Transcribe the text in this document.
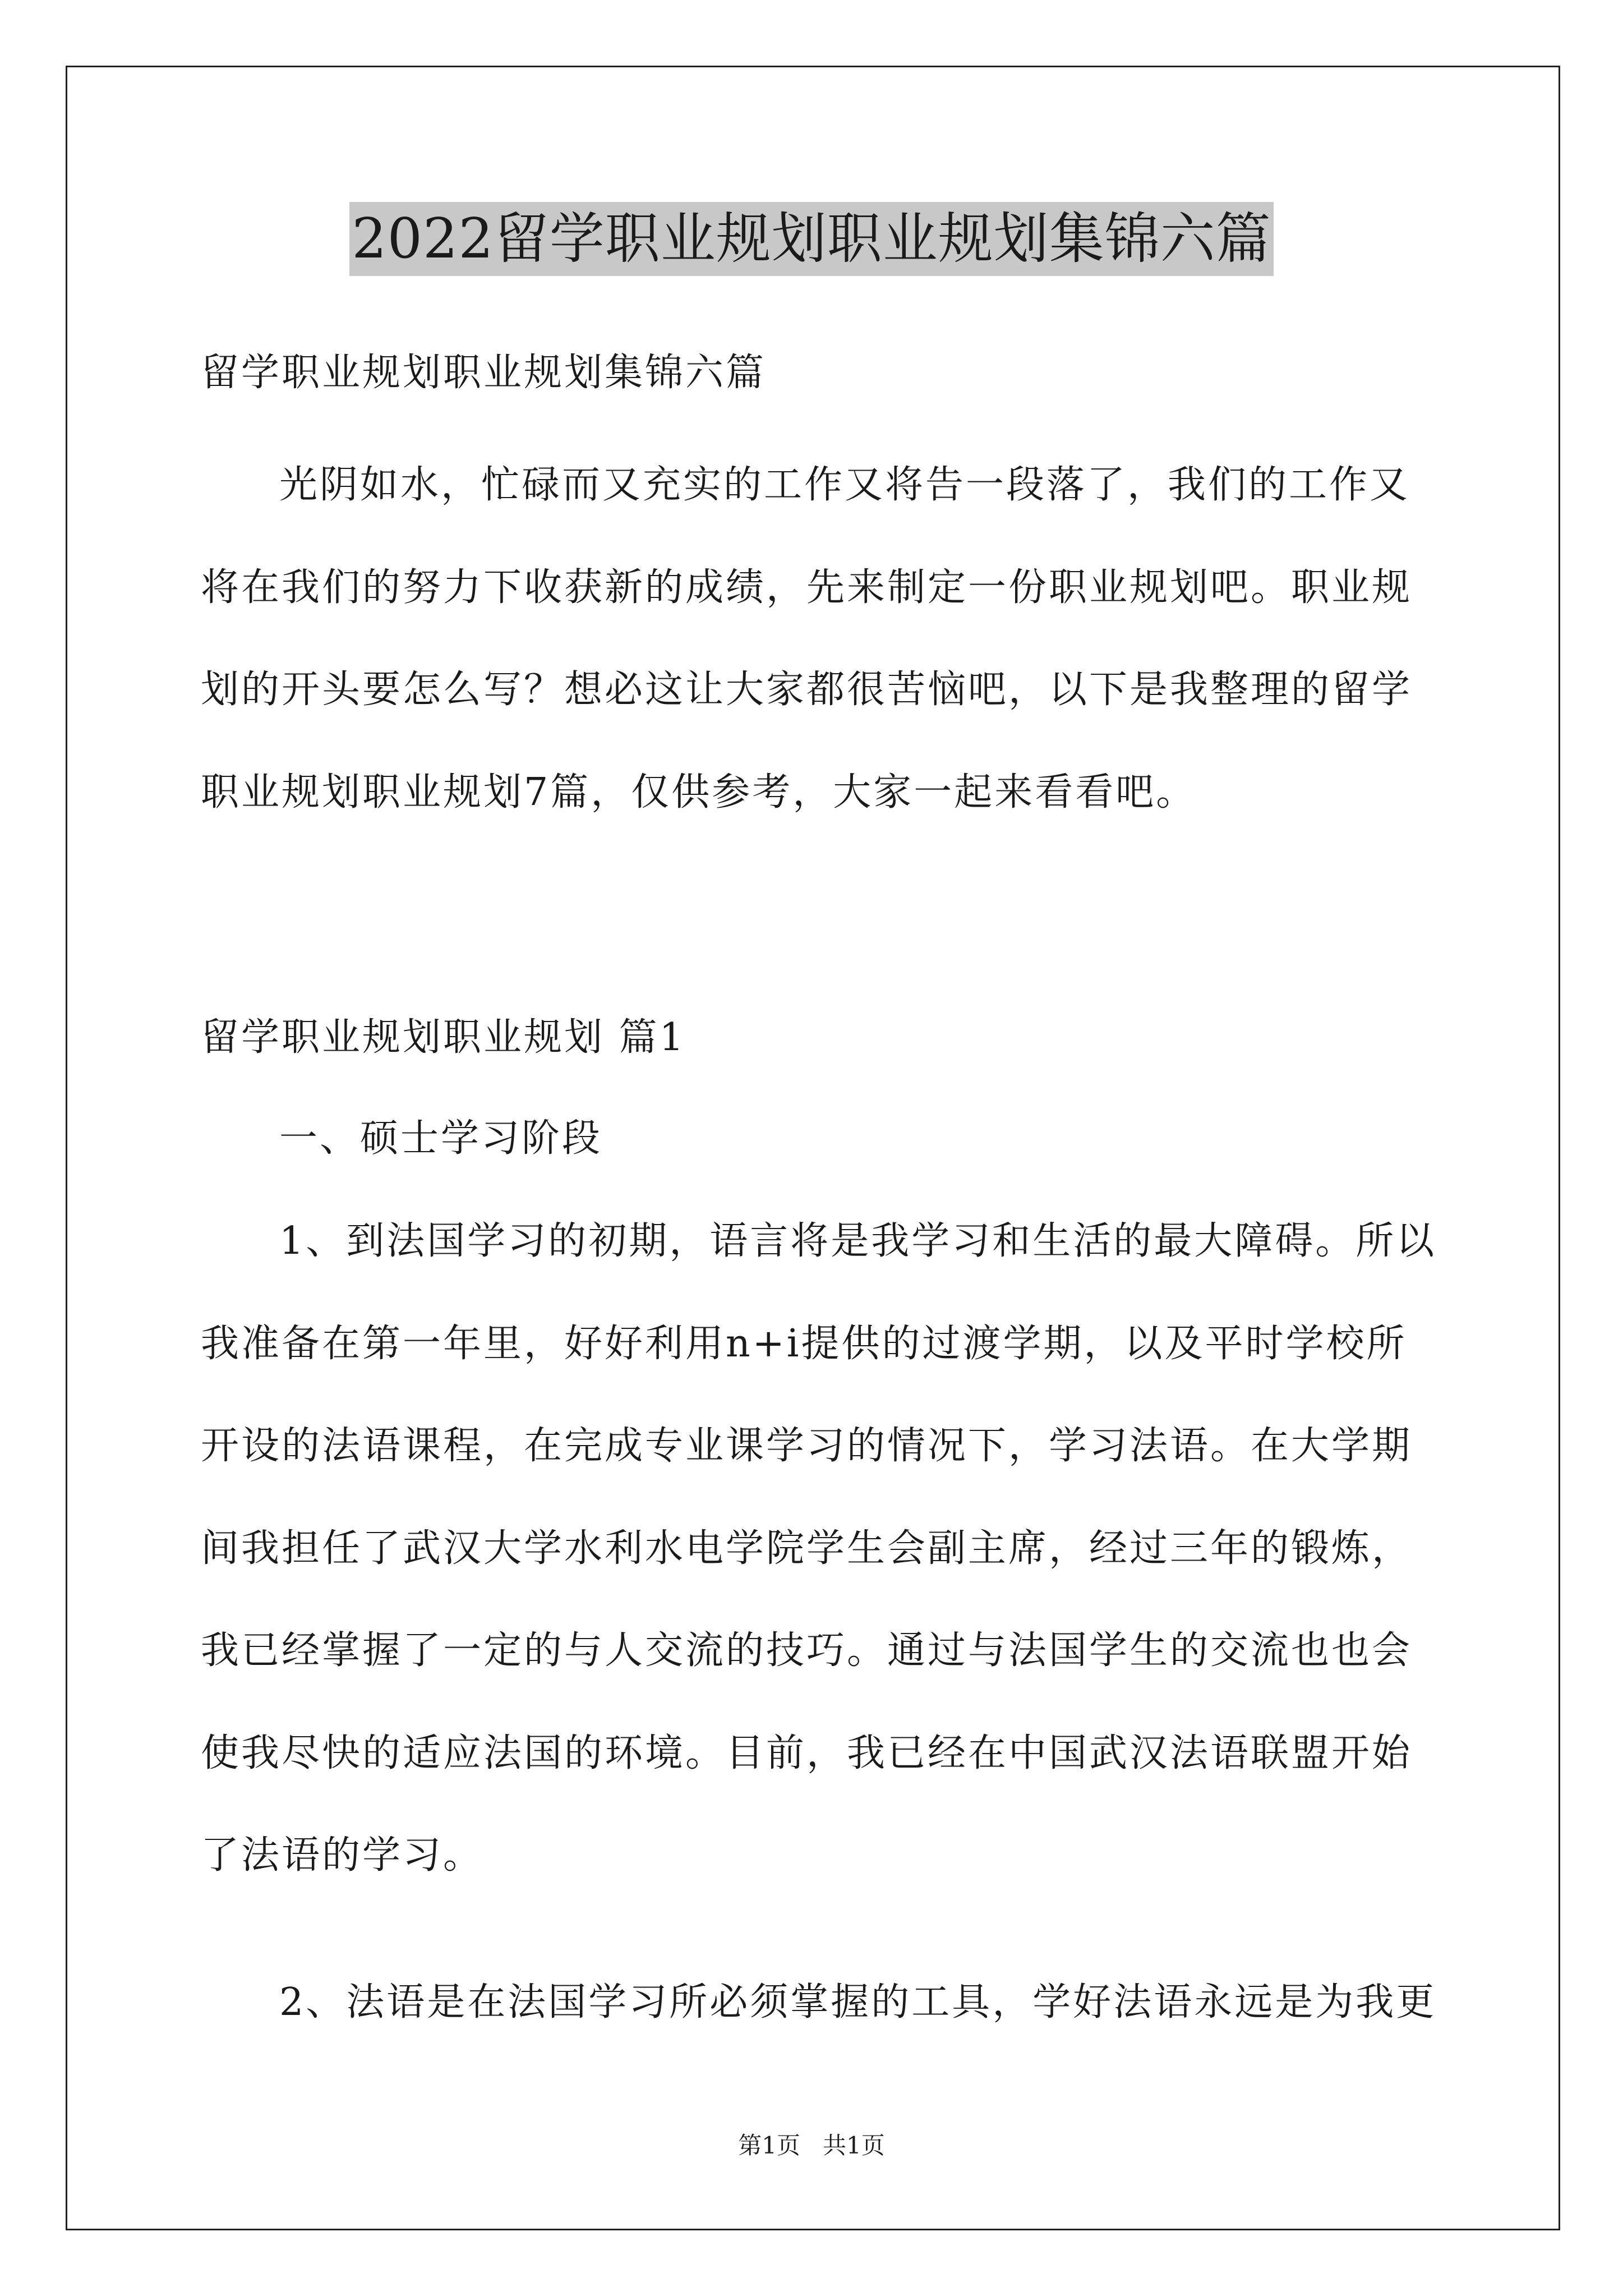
2022留学职业规划职业规划集锦六篇
留学职业规划职业规划集锦六篇
光阴如水，忙碌而又充实的工作又将告一段落了，我们的工作又
将在我们的努力下收获新的成绩，先来制定一份职业规划吧。职业规
划的开头要怎么写？想必这让大家都很苦恼吧，以下是我整理的留学
职业规划职业规划7篇，仅供参考，大家一起来看看吧。
留学职业规划职业规划 篇1
一、硕士学习阶段
1、到法国学习的初期，语言将是我学习和生活的最大障碍。所以
我准备在第一年里，好好利用n+i提供的过渡学期，以及平时学校所
开设的法语课程，在完成专业课学习的情况下，学习法语。在大学期
间我担任了武汉大学水利水电学院学生会副主席，经过三年的锻炼，
我已经掌握了一定的与人交流的技巧。通过与法国学生的交流也也会
使我尽快的适应法国的环境。目前，我已经在中国武汉法语联盟开始
了法语的学习。
2、法语是在法国学习所必须掌握的工具，学好法语永远是为我更
第1页   共1页
